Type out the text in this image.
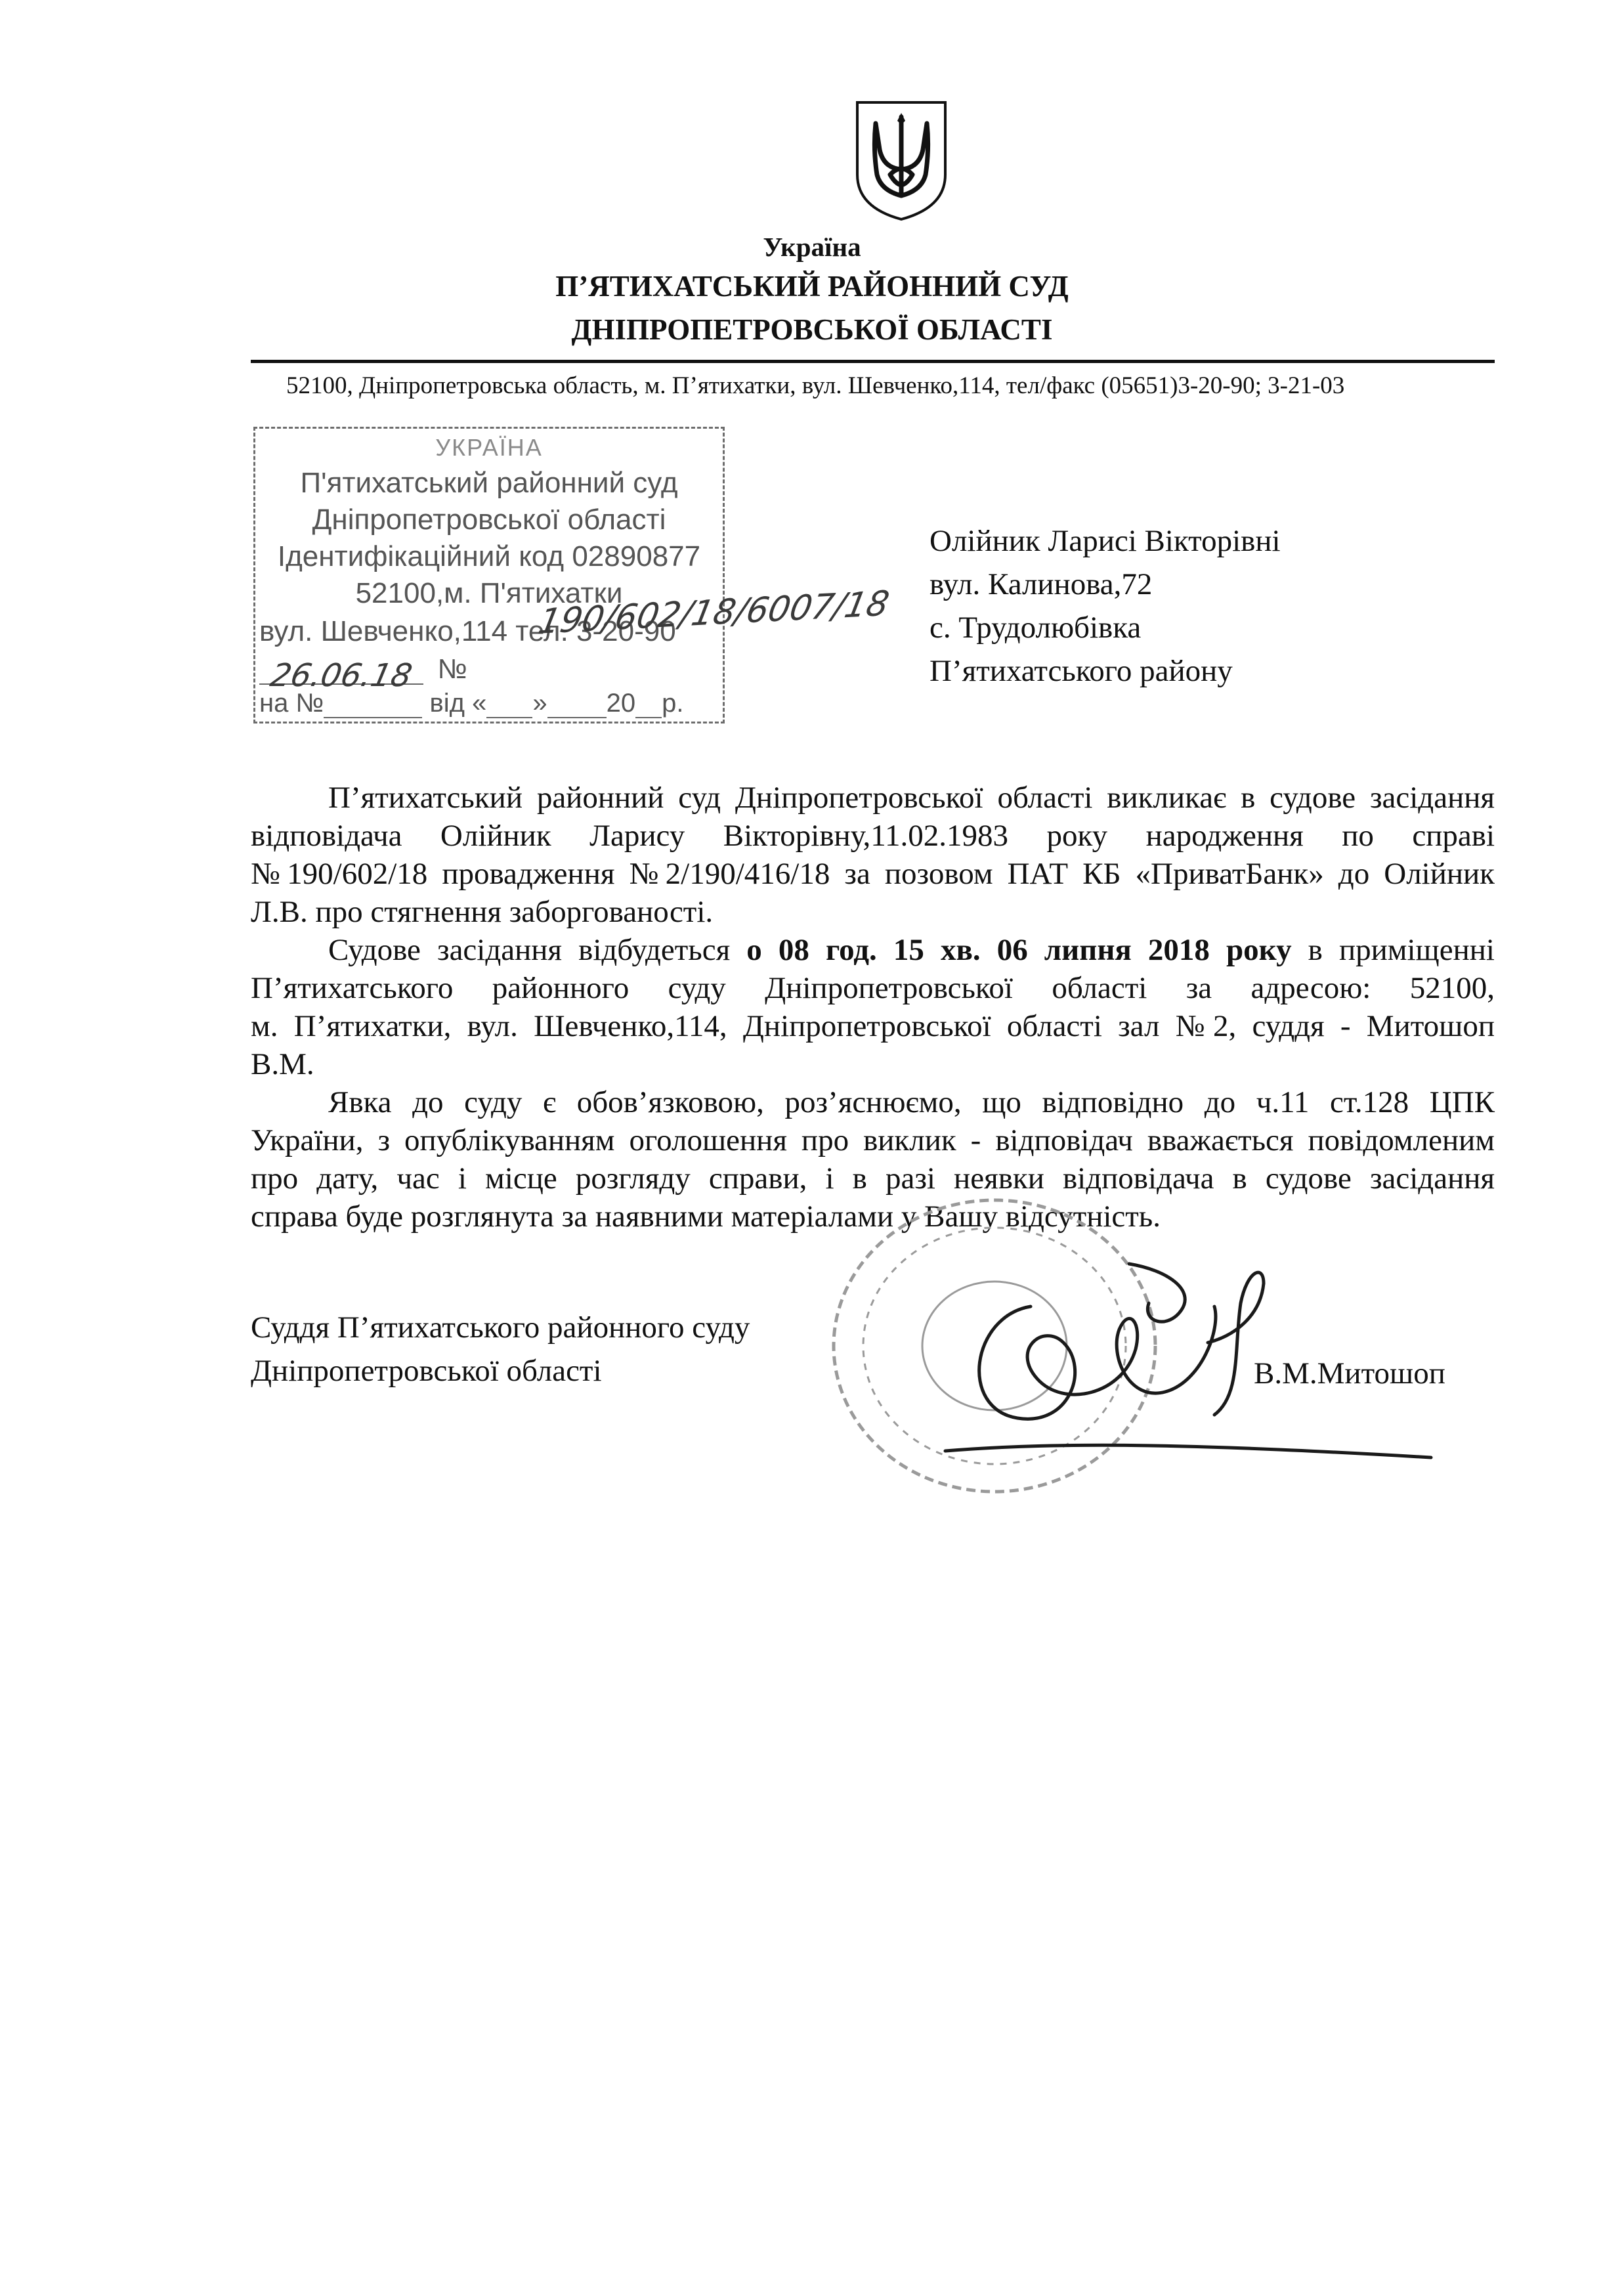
Україна
П’ЯТИХАТСЬКИЙ РАЙОННИЙ СУД
ДНІПРОПЕТРОВСЬКОЇ ОБЛАСТІ
52100, Дніпропетровська область, м. П’ятихатки, вул. Шевченко,114, тел/факс (05651)3-20-90; 3-21-03
УКРАЇНА
П'ятихатський районний суд
Дніпропетровської області
Ідентифікаційний код 02890877
52100,м. П'ятихатки
вул. Шевченко,114 тел. 3-20-90
26.06.18 №
на №	від « » 20 р.
190/602/18/6007/18
Олійник Ларисі Вікторівні
вул. Калинова,72
с. Трудолюбівка
П’ятихатського району
П’ятихатський районний суд Дніпропетровської області викликає в судове засідання
відповідача Олійник Ларису Вікторівну,11.02.1983 року народження по справі
№190/602/18 провадження №2/190/416/18 за позовом ПАТ КБ «ПриватБанк» до Олійник
Л.В. про стягнення заборгованості.
Судове засідання відбудеться о 08 год. 15 хв. 06 липня 2018 року в приміщенні
П’ятихатського районного суду Дніпропетровської області за адресою: 52100,
м. П’ятихатки, вул. Шевченко,114, Дніпропетровської області зал №2, суддя - Митошоп
В.М.
Явка до суду є обов’язковою, роз’яснюємо, що відповідно до ч.11 ст.128 ЦПК
України, з опублікуванням оголошення про виклик - відповідач вважається повідомленим
про дату, час і місце розгляду справи, і в разі неявки відповідача в судове засідання
справа буде розглянута за наявними матеріалами у Вашу відсутність.
Суддя П’ятихатського районного суду
Дніпропетровської області	В.М.Митошоп
